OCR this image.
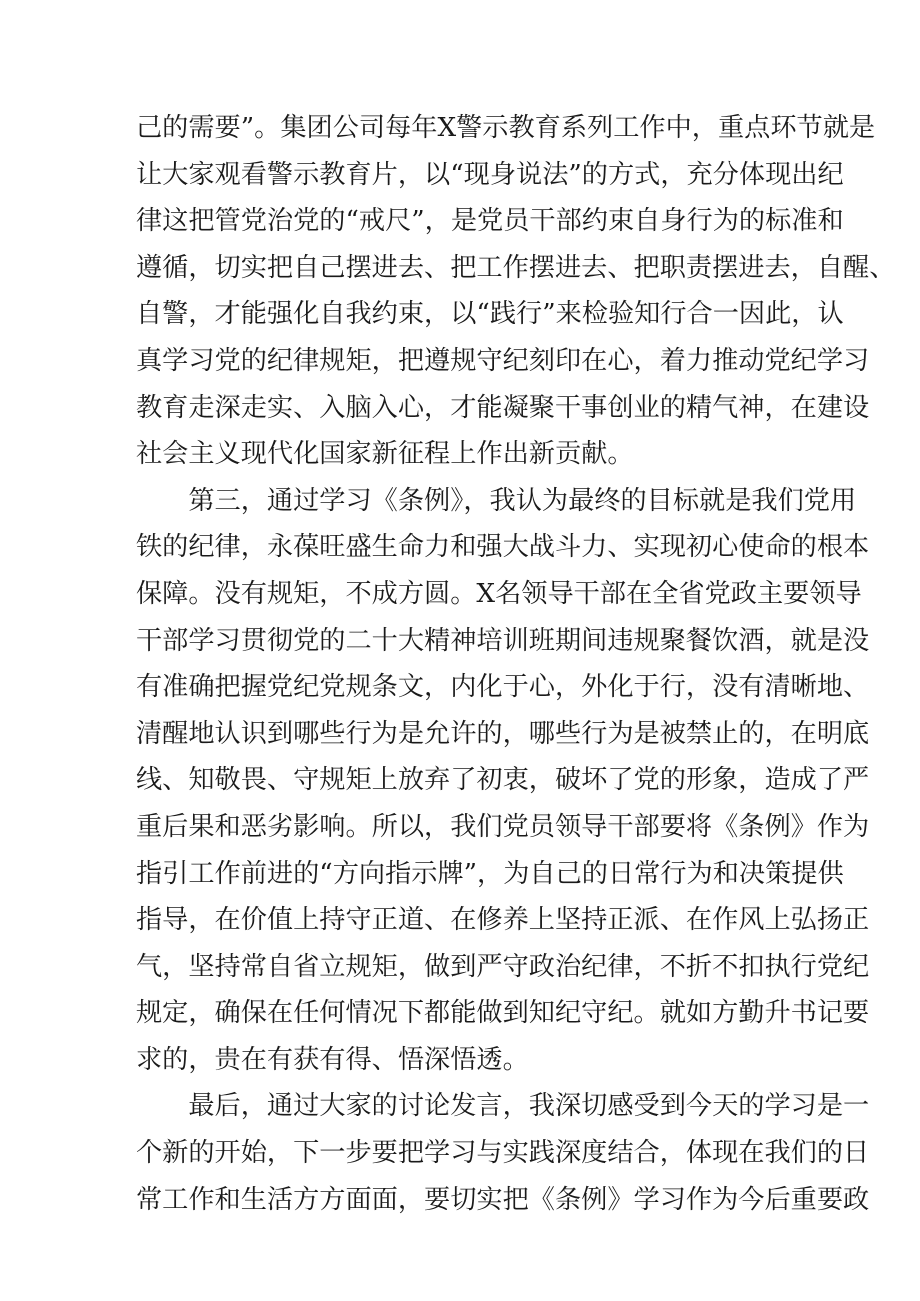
己的需要”。集团公司每年X警示教育系列工作中，重点环节就是
让大家观看警示教育片，以“现身说法”的方式，充分体现出纪
律这把管党治党的“戒尺”，是党员干部约束自身行为的标准和
遵循，切实把自己摆进去、把工作摆进去、把职责摆进去，自醒、
自警，才能强化自我约束，以“践行”来检验知行合一因此，认
真学习党的纪律规矩，把遵规守纪刻印在心，着力推动党纪学习
教育走深走实、入脑入心，才能凝聚干事创业的精气神，在建设
社会主义现代化国家新征程上作出新贡献。
　　第三，通过学习《条例》，我认为最终的目标就是我们党用
铁的纪律，永葆旺盛生命力和强大战斗力、实现初心使命的根本
保障。没有规矩，不成方圆。X名领导干部在全省党政主要领导
干部学习贯彻党的二十大精神培训班期间违规聚餐饮酒，就是没
有准确把握党纪党规条文，内化于心，外化于行，没有清晰地、
清醒地认识到哪些行为是允许的，哪些行为是被禁止的，在明底
线、知敬畏、守规矩上放弃了初衷，破坏了党的形象，造成了严
重后果和恶劣影响。所以，我们党员领导干部要将《条例》作为
指引工作前进的“方向指示牌”，为自己的日常行为和决策提供
指导，在价值上持守正道、在修养上坚持正派、在作风上弘扬正
气，坚持常自省立规矩，做到严守政治纪律，不折不扣执行党纪
规定，确保在任何情况下都能做到知纪守纪。就如方勤升书记要
求的，贵在有获有得、悟深悟透。
　　最后，通过大家的讨论发言，我深切感受到今天的学习是一
个新的开始，下一步要把学习与实践深度结合，体现在我们的日
常工作和生活方方面面，要切实把《条例》学习作为今后重要政
